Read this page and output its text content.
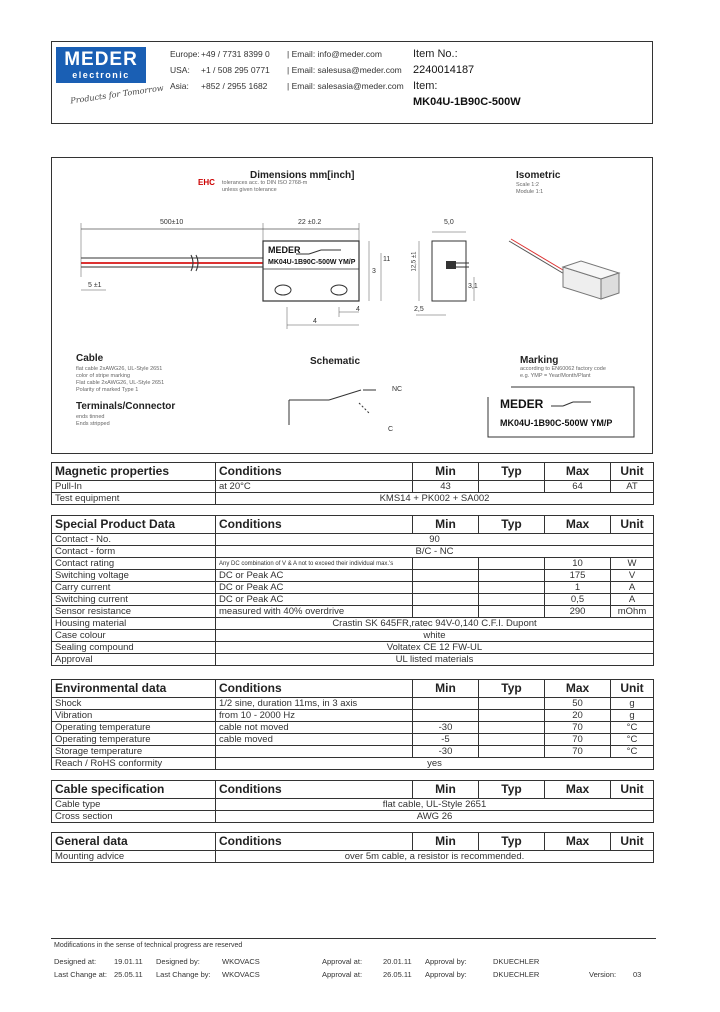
MEDER
electronic
Products for Tomorrow
Europe: +49 / 7731 8399 0 | Email: info@meder.com
USA: +1 / 508 295 0771 | Email: salesusa@meder.com
Asia: +852 / 2955 1682 | Email: salesasia@meder.com
Item No.:
2240014187
Item:
MK04U-1B90C-500W
Dimensions mm[inch]
EHC tolerances acc. to DIN ISO 2768-m
unless given tolerance
Isometric
Scale 1:2
Module 1:1
500±10	22 ±0.2
5 ±1
3
11
4
4
5,0
12,5 ±1
3,1
2,5
MEDER
MK04U-1B90C-500W YM/P
Cable
flat cable 2xAWG26, UL-Style 2651
color of stripe marking
Flat cable 2xAWG26, UL-Style 2651
Polarity of marked Type 1
Terminals/Connector
ends tinned
Ends stripped
Schematic
NC
C
Marking
according to EN60062 factory code
e.g. YMP = Year/Month/Plant
MEDER
MK04U-1B90C-500W YM/P
Magnetic properties	Conditions	Min	Typ	Max	Unit
Pull-In	at 20°C	43		64	AT
Test equipment	KMS14 + PK002 + SA002				
Special Product Data	Conditions	Min	Typ	Max	Unit
Contact - No.	90				
Contact - form	B/C - NC				
Contact rating	Any DC combination of V & A not to exceed their individual max.'s			10	W
Switching voltage	DC or Peak AC			175	V
Carry current	DC or Peak AC			1	A
Switching current	DC or Peak AC			0,5	A
Sensor resistance	measured with 40% overdrive			290	mOhm
Housing material	Crastin SK 645FR,ratec 94V-0,140 C.F.I. Dupont				
Case colour	white				
Sealing compound	Voltatex CE 12 FW-UL				
Approval	UL listed materials				
Environmental data	Conditions	Min	Typ	Max	Unit
Shock	1/2 sine, duration 11ms, in 3 axis			50	g
Vibration	from 10 - 2000 Hz			20	g
Operating temperature	cable not moved	-30		70	°C
Operating temperature	cable moved	-5		70	°C
Storage temperature		-30		70	°C
Reach / RoHS conformity	yes				
Cable specification	Conditions	Min	Typ	Max	Unit
Cable type	flat cable, UL-Style 2651				
Cross section	AWG 26				
General data	Conditions	Min	Typ	Max	Unit
Mounting advice	over 5m cable, a resistor is recommended.				
Modifications in the sense of technical progress are reserved
Designed at: 19.01.11 Designed by:	WKOVACS	Approval at:	20.01.11 Approval by:	DKUECHLER
Last Change at: 25.05.11 Last Change by: WKOVACS	Approval at:	26.05.11 Approval by:	DKUECHLER	Version: 03
